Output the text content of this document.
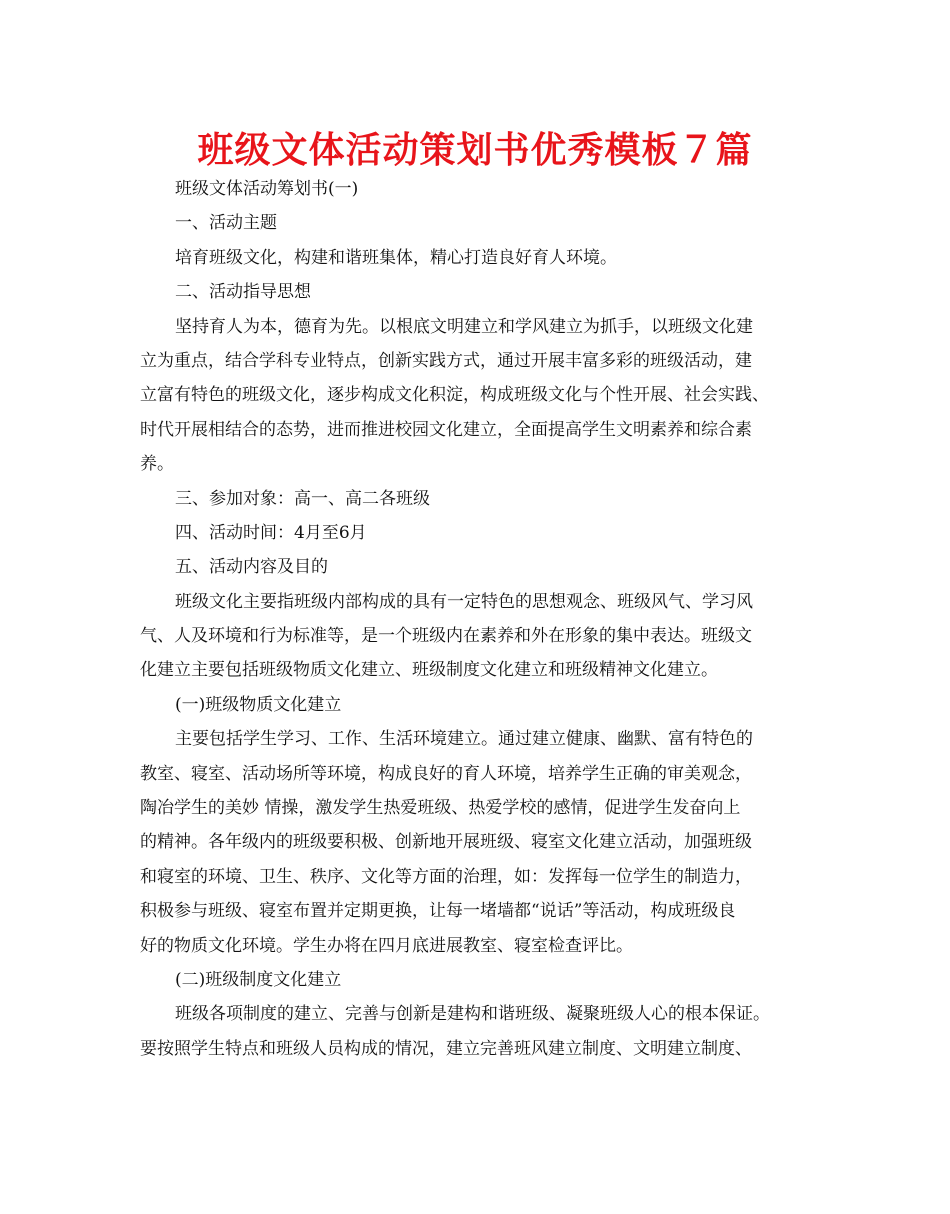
班级文体活动策划书优秀模板７篇
班级文体活动筹划书(一)
一、活动主题
培育班级文化，构建和谐班集体，精心打造良好育人环境。
二、活动指导思想
坚持育人为本，德育为先。以根底文明建立和学风建立为抓手，以班级文化建
立为重点，结合学科专业特点，创新实践方式，通过开展丰富多彩的班级活动，建
立富有特色的班级文化，逐步构成文化积淀，构成班级文化与个性开展、社会实践、
时代开展相结合的态势，进而推进校园文化建立，全面提高学生文明素养和综合素
养。
三、参加对象：高一、高二各班级
四、活动时间：4月至6月
五、活动内容及目的
班级文化主要指班级内部构成的具有一定特色的思想观念、班级风气、学习风
气、人及环境和行为标准等，是一个班级内在素养和外在形象的集中表达。班级文
化建立主要包括班级物质文化建立、班级制度文化建立和班级精神文化建立。
(一)班级物质文化建立
主要包括学生学习、工作、生活环境建立。通过建立健康、幽默、富有特色的
教室、寝室、活动场所等环境，构成良好的育人环境，培养学生正确的审美观念，
陶冶学生的美妙 情操，激发学生热爱班级、热爱学校的感情，促进学生发奋向上
的精神。各年级内的班级要积极、创新地开展班级、寝室文化建立活动，加强班级
和寝室的环境、卫生、秩序、文化等方面的治理，如：发挥每一位学生的制造力，
积极参与班级、寝室布置并定期更换，让每一堵墙都“说话”等活动，构成班级良
好的物质文化环境。学生办将在四月底进展教室、寝室检查评比。
(二)班级制度文化建立
班级各项制度的建立、完善与创新是建构和谐班级、凝聚班级人心的根本保证。
要按照学生特点和班级人员构成的情况，建立完善班风建立制度、文明建立制度、
